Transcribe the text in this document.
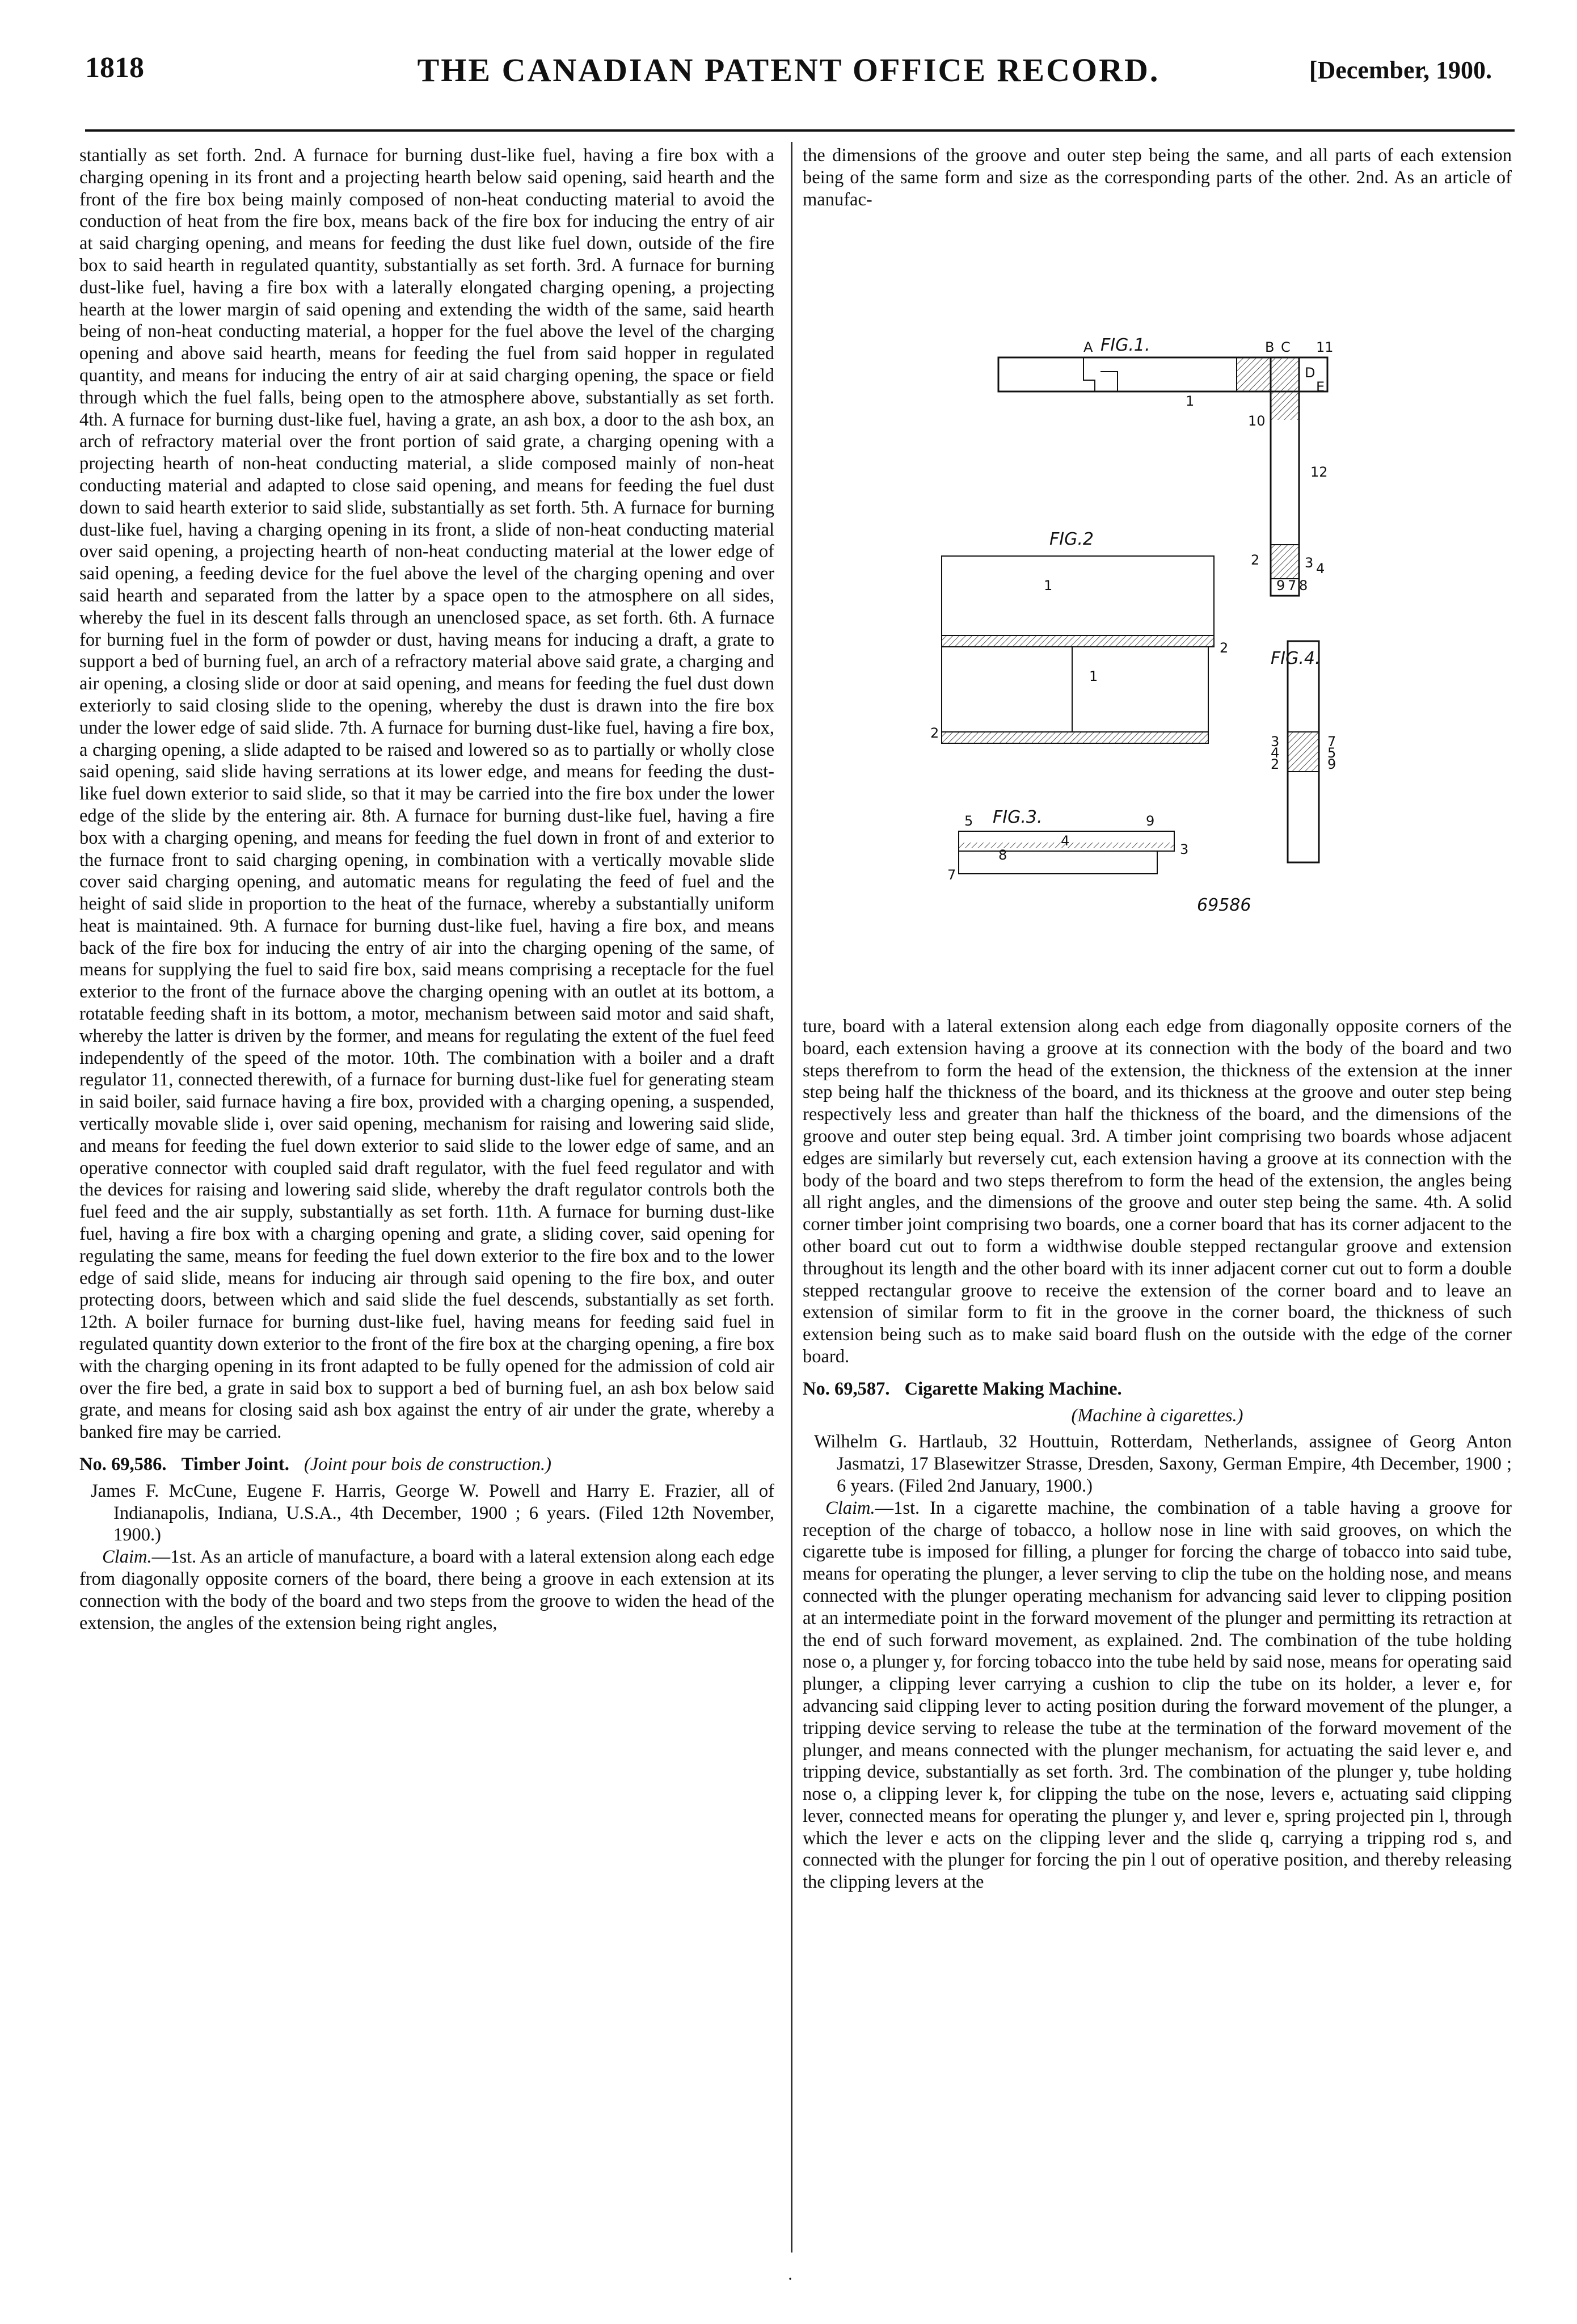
1818	THE CANADIAN PATENT OFFICE RECORD.	[December, 1900.

stantially as set forth. 2nd. A furnace for burning dust-like fuel, having a fire box with a charging opening in its front and a projecting hearth below said opening, said hearth and the front of the fire box being mainly composed of non-heat conducting material to avoid the conduction of heat from the fire box, means back of the fire box for inducing the entry of air at said charging opening, and means for feeding the dust like fuel down, outside of the fire box to said hearth in regulated quantity, substantially as set forth. 3rd. A furnace for burning dust-like fuel, having a fire box with a laterally elongated charging opening, a projecting hearth at the lower margin of said opening and extending the width of the same, said hearth being of non-heat conducting material, a hopper for the fuel above the level of the charging opening and above said hearth, means for feeding the fuel from said hopper in regulated quantity, and means for inducing the entry of air at said charging opening, the space or field through which the fuel falls, being open to the atmosphere above, substantially as set forth. 4th. A furnace for burning dust-like fuel, having a grate, an ash box, a door to the ash box, an arch of refractory material over the front portion of said grate, a charging opening with a projecting hearth of non-heat conducting material, a slide composed mainly of non-heat conducting material and adapted to close said opening, and means for feeding the fuel dust down to said hearth exterior to said slide, substantially as set forth. 5th. A furnace for burning dust-like fuel, having a charging opening in its front, a slide of non-heat conducting material over said opening, a projecting hearth of non-heat conducting material at the lower edge of said opening, a feeding device for the fuel above the level of the charging opening and over said hearth and separated from the latter by a space open to the atmosphere on all sides, whereby the fuel in its descent falls through an unenclosed space, as set forth. 6th. A furnace for burning fuel in the form of powder or dust, having means for inducing a draft, a grate to support a bed of burning fuel, an arch of a refractory material above said grate, a charging and air opening, a closing slide or door at said opening, and means for feeding the fuel dust down exteriorly to said closing slide to the opening, whereby the dust is drawn into the fire box under the lower edge of said slide. 7th. A furnace for burning dust-like fuel, having a fire box, a charging opening, a slide adapted to be raised and lowered so as to partially or wholly close said opening, said slide having serrations at its lower edge, and means for feeding the dust-like fuel down exterior to said slide, so that it may be carried into the fire box under the lower edge of the slide by the entering air. 8th. A furnace for burning dust-like fuel, having a fire box with a charging opening, and means for feeding the fuel down in front of and exterior to the furnace front to said charging opening, in combination with a vertically movable slide cover said charging opening, and automatic means for regulating the feed of fuel and the height of said slide in proportion to the heat of the furnace, whereby a substantially uniform heat is maintained. 9th. A furnace for burning dust-like fuel, having a fire box, and means back of the fire box for inducing the entry of air into the charging opening of the same, of means for supplying the fuel to said fire box, said means comprising a receptacle for the fuel exterior to the front of the furnace above the charging opening with an outlet at its bottom, a rotatable feeding shaft in its bottom, a motor, mechanism between said motor and said shaft, whereby the latter is driven by the former, and means for regulating the extent of the fuel feed independently of the speed of the motor. 10th. The combination with a boiler and a draft regulator 11, connected therewith, of a furnace for burning dust-like fuel for generating steam in said boiler, said furnace having a fire box, provided with a charging opening, a suspended, vertically movable slide i, over said opening, mechanism for raising and lowering said slide, and means for feeding the fuel down exterior to said slide to the lower edge of same, and an operative connector with coupled said draft regulator, with the fuel feed regulator and with the devices for raising and lowering said slide, whereby the draft regulator controls both the fuel feed and the air supply, substantially as set forth. 11th. A furnace for burning dust-like fuel, having a fire box with a charging opening and grate, a sliding cover, said opening for regulating the same, means for feeding the fuel down exterior to the fire box and to the lower edge of said slide, means for inducing air through said opening to the fire box, and outer protecting doors, between which and said slide the fuel descends, substantially as set forth. 12th. A boiler furnace for burning dust-like fuel, having means for feeding said fuel in regulated quantity down exterior to the front of the fire box at the charging opening, a fire box with the charging opening in its front adapted to be fully opened for the admission of cold air over the fire bed, a grate in said box to support a bed of burning fuel, an ash box below said grate, and means for closing said ash box against the entry of air under the grate, whereby a banked fire may be carried.

No. 69,586. Timber Joint. (Joint pour bois de construction.)

James F. McCune, Eugene F. Harris, George W. Powell and Harry E. Frazier, all of Indianapolis, Indiana, U.S.A., 4th December, 1900 ; 6 years. (Filed 12th November, 1900.)

Claim.—1st. As an article of manufacture, a board with a lateral extension along each edge from diagonally opposite corners of the board, there being a groove in each extension at its connection with the body of the board and two steps from the groove to widen the head of the extension, the angles of the extension being right angles,

the dimensions of the groove and outer step being the same, and all parts of each extension being of the same form and size as the corresponding parts of the other. 2nd. As an article of manufac-

FIG.1.
A	B C
D
E
11
1
10
12
2	3 4
9 7 8
FIG.2
1
2
2
1
FIG.4.
3
4
2
7
5
9
FIG.3.
5	9
3
4
8
7
69586

ture, board with a lateral extension along each edge from diagonally opposite corners of the board, each extension having a groove at its connection with the body of the board and two steps therefrom to form the head of the extension, the thickness of the extension at the inner step being half the thickness of the board, and its thickness at the groove and outer step being respectively less and greater than half the thickness of the board, and the dimensions of the groove and outer step being equal. 3rd. A timber joint comprising two boards whose adjacent edges are similarly but reversely cut, each extension having a groove at its connection with the body of the board and two steps therefrom to form the head of the extension, the angles being all right angles, and the dimensions of the groove and outer step being the same. 4th. A solid corner timber joint comprising two boards, one a corner board that has its corner adjacent to the other board cut out to form a widthwise double stepped rectangular groove and extension throughout its length and the other board with its inner adjacent corner cut out to form a double stepped rectangular groove to receive the extension of the corner board and to leave an extension of similar form to fit in the groove in the corner board, the thickness of such extension being such as to make said board flush on the outside with the edge of the corner board.

No. 69,587. Cigarette Making Machine.
(Machine à cigarettes.)

Wilhelm G. Hartlaub, 32 Houttuin, Rotterdam, Netherlands, assignee of Georg Anton Jasmatzi, 17 Blasewitzer Strasse, Dresden, Saxony, German Empire, 4th December, 1900 ; 6 years. (Filed 2nd January, 1900.)

Claim.—1st. In a cigarette machine, the combination of a table having a groove for reception of the charge of tobacco, a hollow nose in line with said grooves, on which the cigarette tube is imposed for filling, a plunger for forcing the charge of tobacco into said tube, means for operating the plunger, a lever serving to clip the tube on the holding nose, and means connected with the plunger operating mechanism for advancing said lever to clipping position at an intermediate point in the forward movement of the plunger and permitting its retraction at the end of such forward movement, as explained. 2nd. The combination of the tube holding nose o, a plunger y, for forcing tobacco into the tube held by said nose, means for operating said plunger, a clipping lever carrying a cushion to clip the tube on its holder, a lever e, for advancing said clipping lever to acting position during the forward movement of the plunger, a tripping device serving to release the tube at the termination of the forward movement of the plunger, and means connected with the plunger mechanism, for actuating the said lever e, and tripping device, substantially as set forth. 3rd. The combination of the plunger y, tube holding nose o, a clipping lever k, for clipping the tube on the nose, levers e, actuating said clipping lever, connected means for operating the plunger y, and lever e, spring projected pin l, through which the lever e acts on the clipping lever and the slide q, carrying a tripping rod s, and connected with the plunger for forcing the pin l out of operative position, and thereby releasing the clipping levers at the

·
